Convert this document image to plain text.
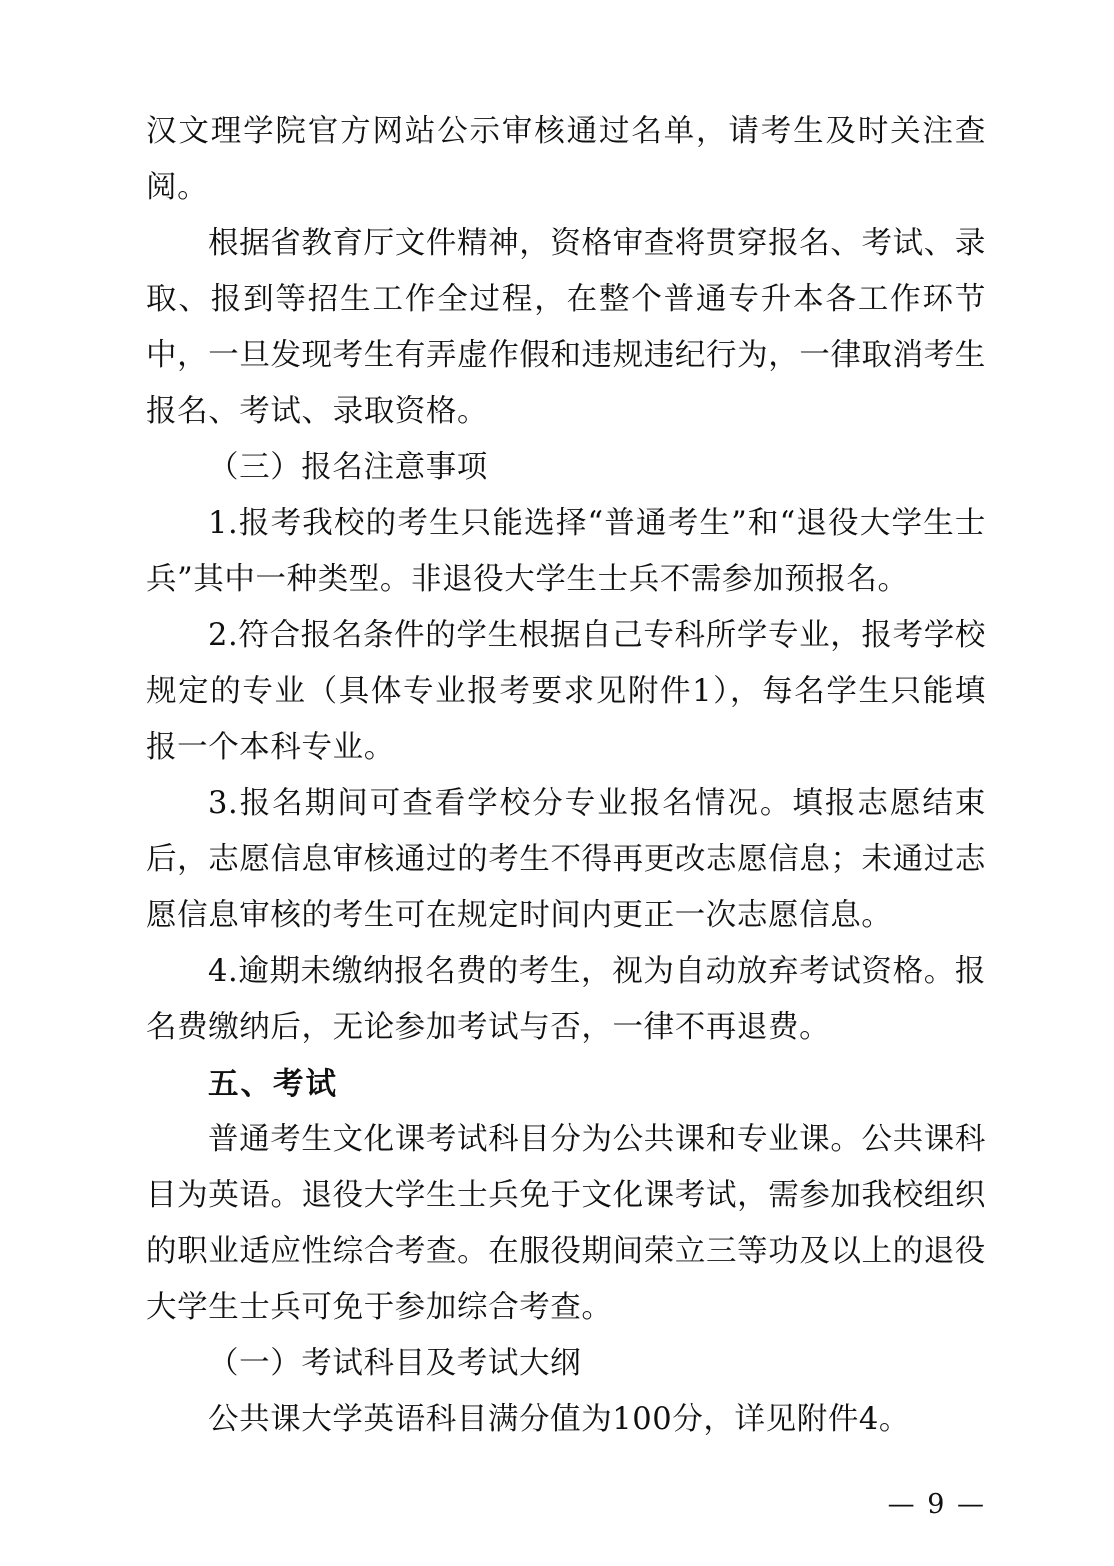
汉文理学院官方网站公示审核通过名单，请考生及时关注查阅。

根据省教育厅文件精神，资格审查将贯穿报名、考试、录取、报到等招生工作全过程，在整个普通专升本各工作环节中，一旦发现考生有弄虚作假和违规违纪行为，一律取消考生报名、考试、录取资格。

（三）报名注意事项

1.报考我校的考生只能选择“普通考生”和“退役大学生士兵”其中一种类型。非退役大学生士兵不需参加预报名。

2.符合报名条件的学生根据自己专科所学专业，报考学校规定的专业（具体专业报考要求见附件1），每名学生只能填报一个本科专业。

3.报名期间可查看学校分专业报名情况。填报志愿结束后，志愿信息审核通过的考生不得再更改志愿信息；未通过志愿信息审核的考生可在规定时间内更正一次志愿信息。

4.逾期未缴纳报名费的考生，视为自动放弃考试资格。报名费缴纳后，无论参加考试与否，一律不再退费。

五、考试

普通考生文化课考试科目分为公共课和专业课。公共课科目为英语。退役大学生士兵免于文化课考试，需参加我校组织的职业适应性综合考查。在服役期间荣立三等功及以上的退役大学生士兵可免于参加综合考查。

（一）考试科目及考试大纲

公共课大学英语科目满分值为100分，详见附件4。

— 9 —
